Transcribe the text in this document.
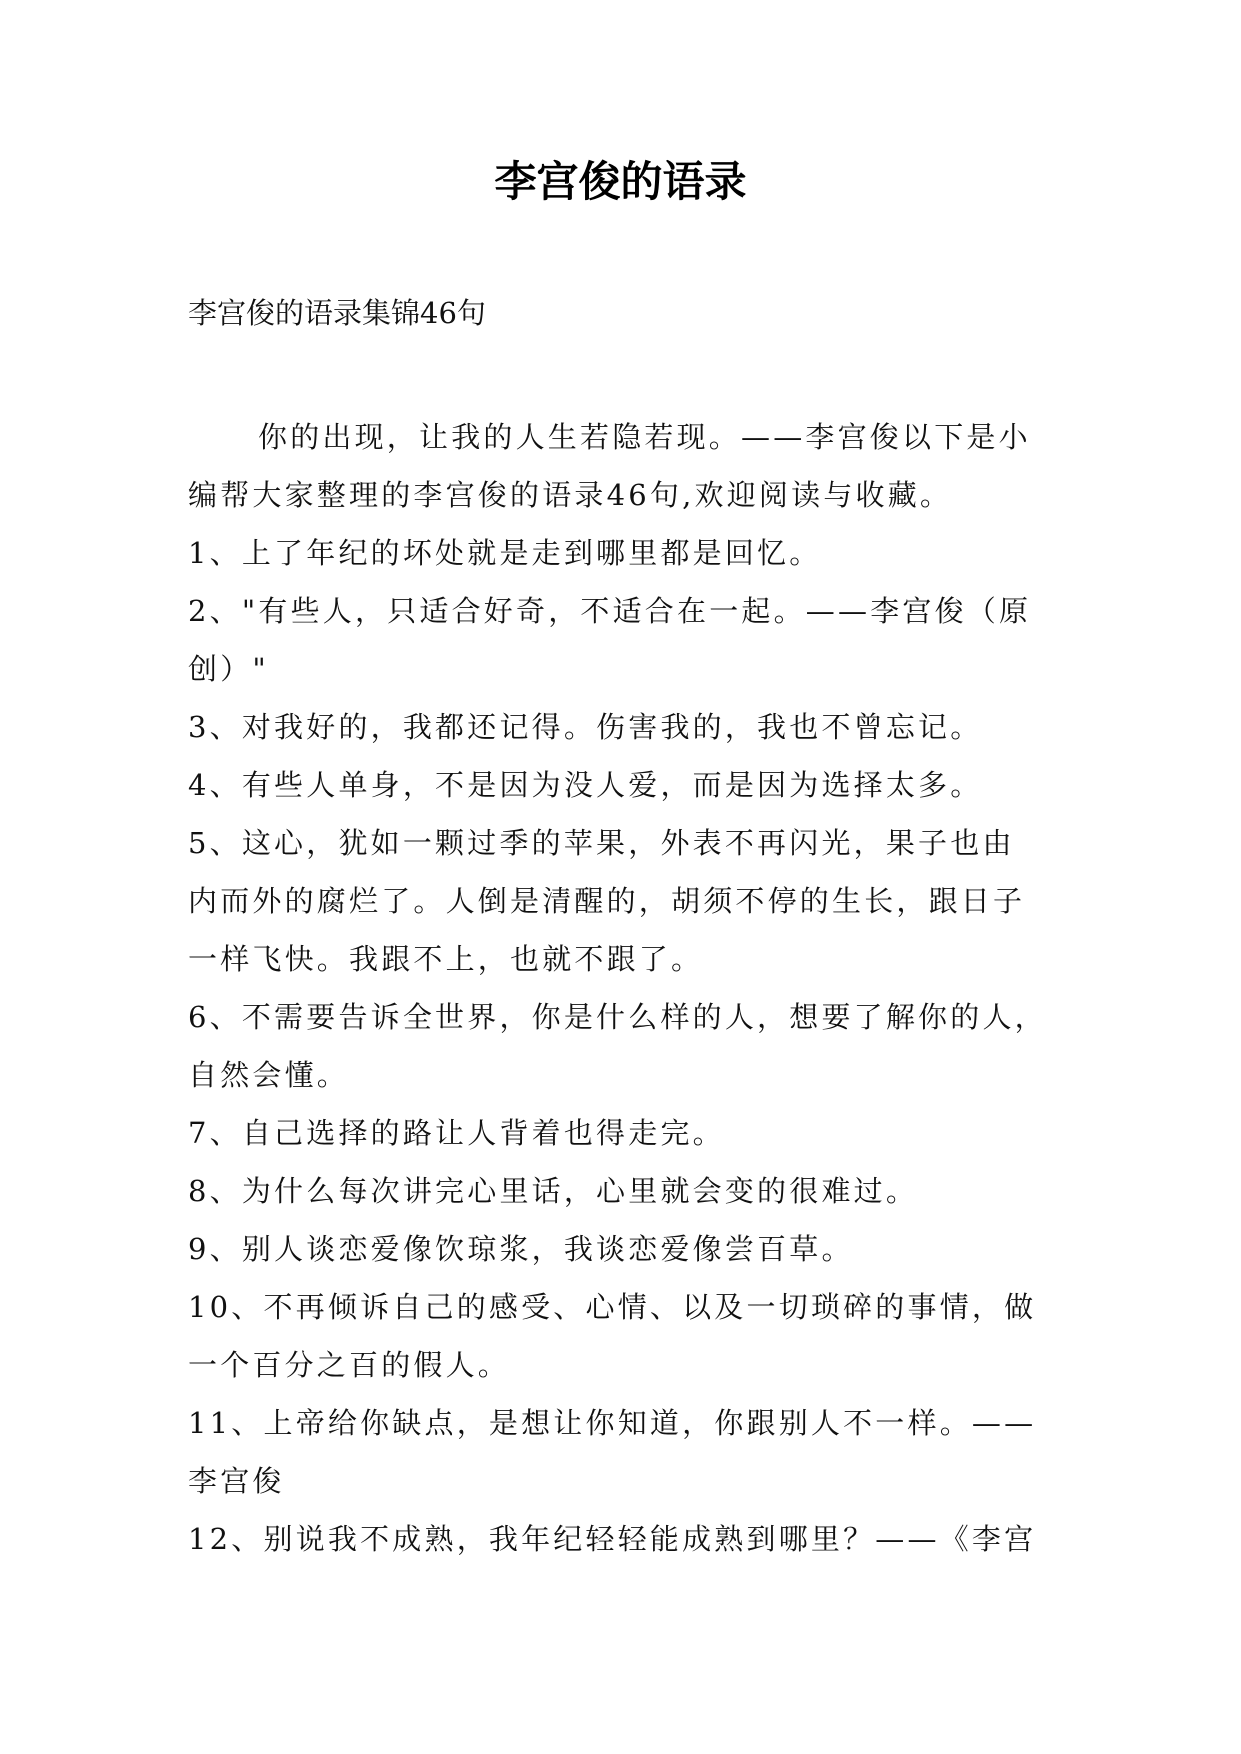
李宫俊的语录

李宫俊的语录集锦46句

你的出现，让我的人生若隐若现。——李宫俊以下是小

编帮大家整理的李宫俊的语录46句,欢迎阅读与收藏。

1、上了年纪的坏处就是走到哪里都是回忆。

2、"有些人，只适合好奇，不适合在一起。——李宫俊（原

创）"

3、对我好的，我都还记得。伤害我的，我也不曾忘记。

4、有些人单身，不是因为没人爱，而是因为选择太多。

5、这心，犹如一颗过季的苹果，外表不再闪光，果子也由

内而外的腐烂了。人倒是清醒的，胡须不停的生长，跟日子

一样飞快。我跟不上，也就不跟了。

6、不需要告诉全世界，你是什么样的人，想要了解你的人，

自然会懂。

7、自己选择的路让人背着也得走完。

8、为什么每次讲完心里话，心里就会变的很难过。

9、别人谈恋爱像饮琼浆，我谈恋爱像尝百草。

10、不再倾诉自己的感受、心情、以及一切琐碎的事情，做

一个百分之百的假人。

11、上帝给你缺点，是想让你知道，你跟别人不一样。——

李宫俊

12、别说我不成熟，我年纪轻轻能成熟到哪里？——《李宫
